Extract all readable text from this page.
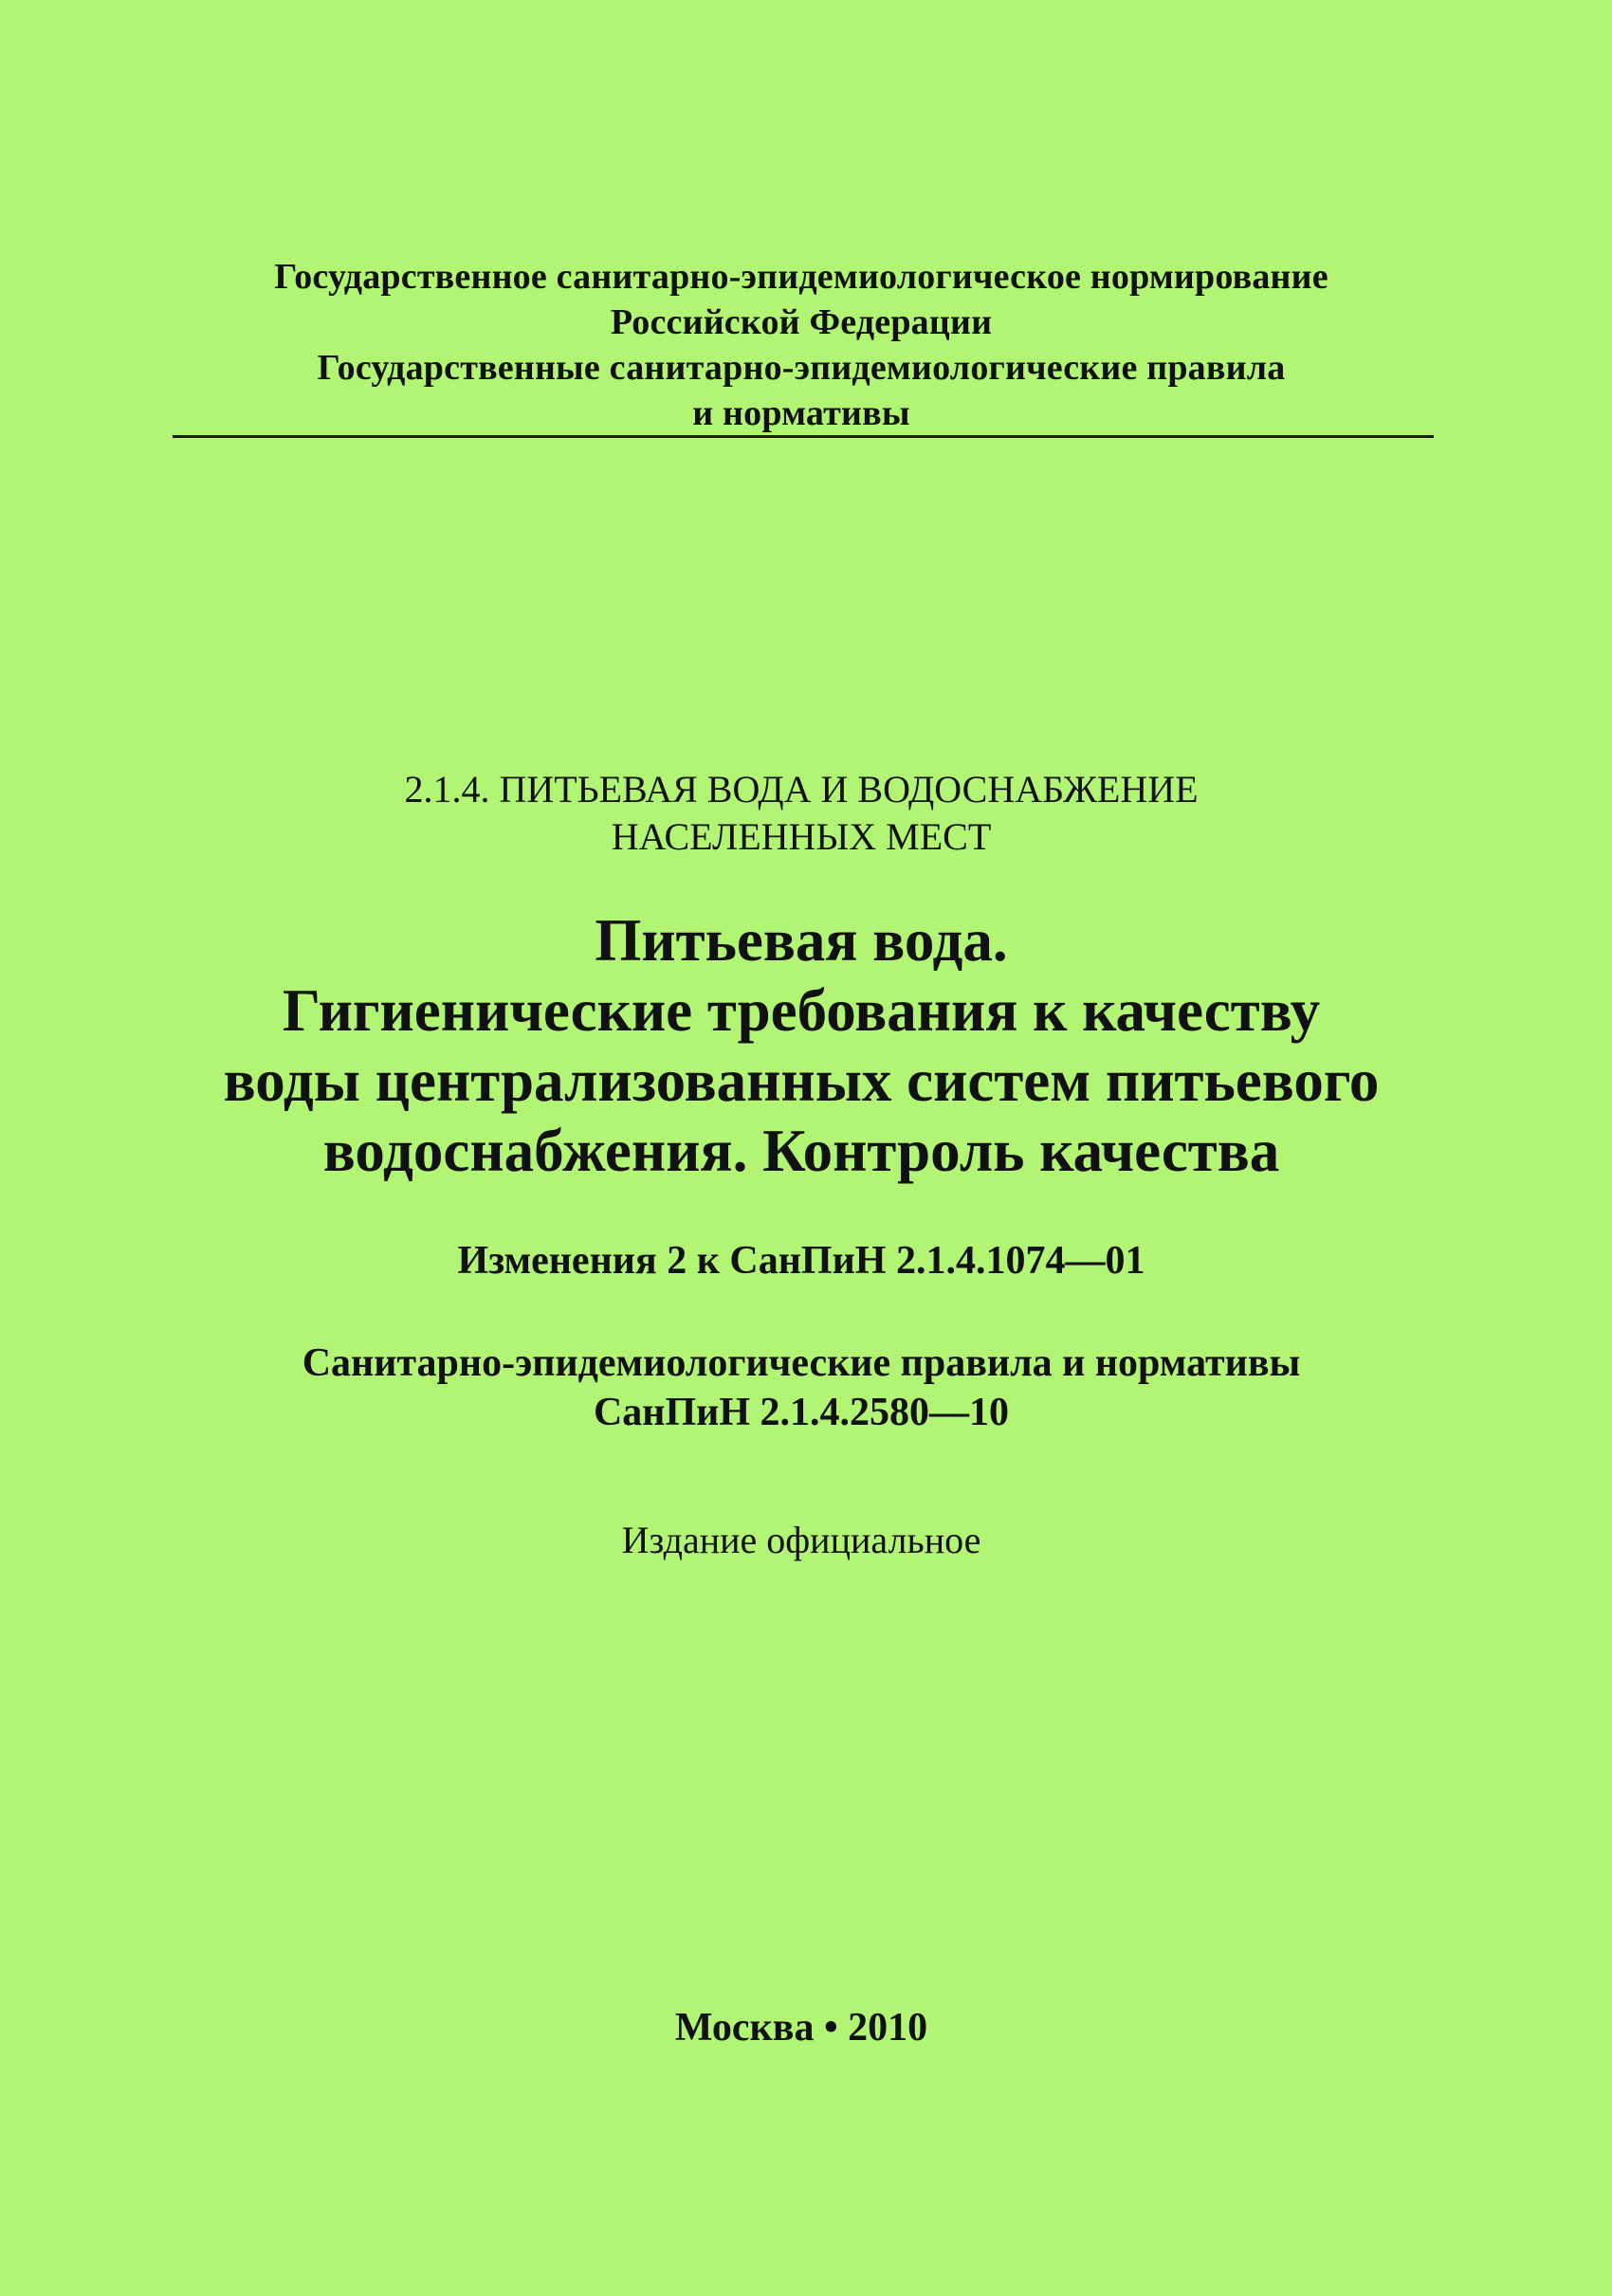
Государственное санитарно-эпидемиологическое нормирование
Российской Федерации
Государственные санитарно-эпидемиологические правила
и нормативы
2.1.4. ПИТЬЕВАЯ ВОДА И ВОДОСНАБЖЕНИЕ
НАСЕЛЕННЫХ МЕСТ
Питьевая вода.
Гигиенические требования к качеству
воды централизованных систем питьевого
водоснабжения. Контроль качества
Изменения 2 к СанПиН 2.1.4.1074—01
Санитарно-эпидемиологические правила и нормативы
СанПиН 2.1.4.2580—10
Издание официальное
Москва • 2010
